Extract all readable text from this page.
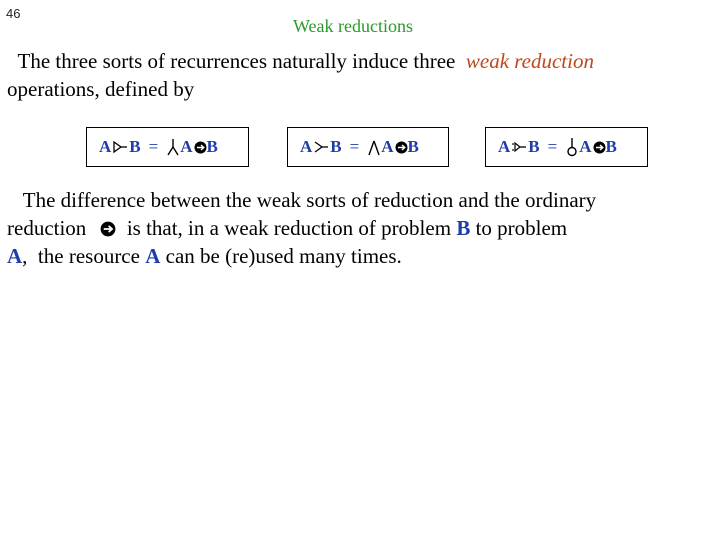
46
Weak reductions
The three sorts of recurrences naturally induce three weak reduction
operations, defined by
A B = A B	A B = A B	A B = A B
The difference between the weak sorts of reduction and the ordinary
reduction is that, in a weak reduction of problem B to problem
A,  the resource A can be (re)used many times.
